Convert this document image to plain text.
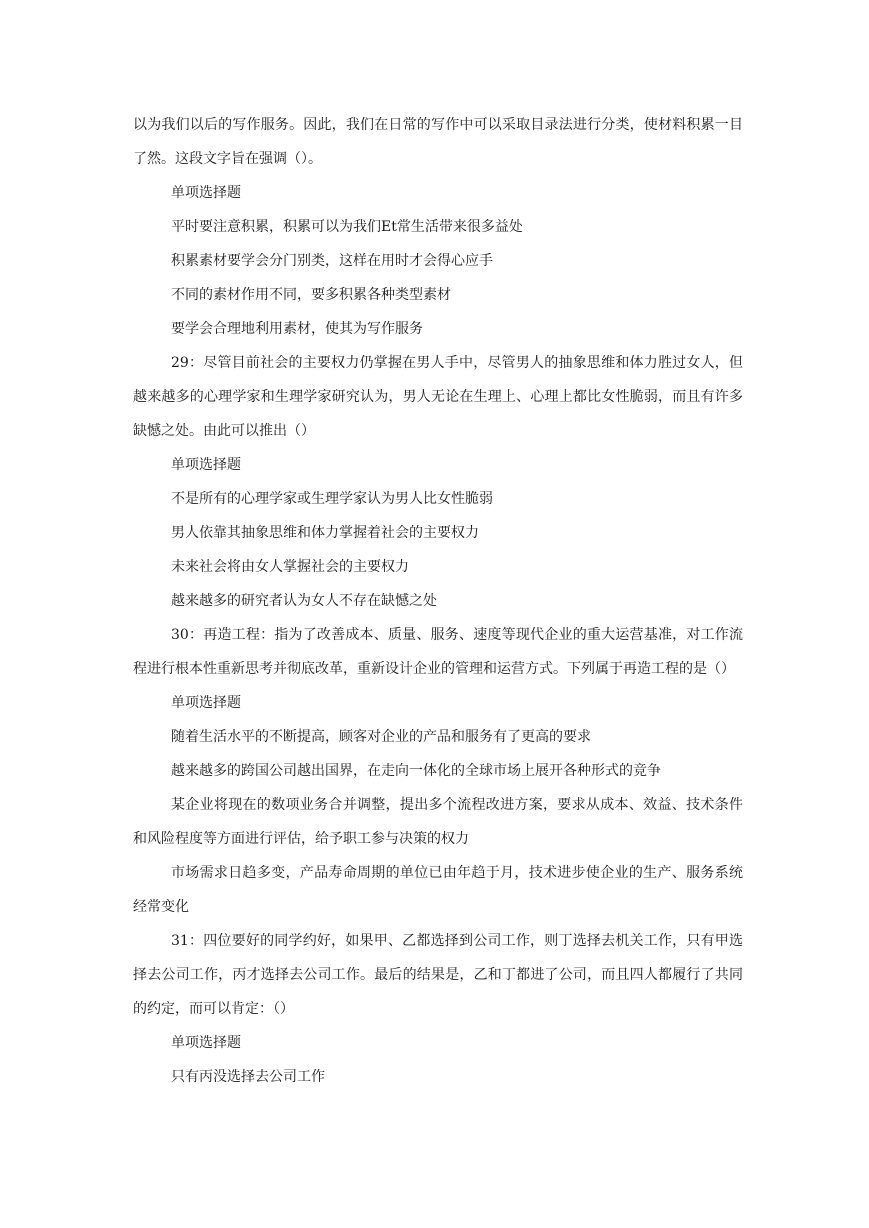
以为我们以后的写作服务。因此，我们在日常的写作中可以采取目录法进行分类，使材料积累一目了然。这段文字旨在强调（）。

单项选择题

平时要注意积累，积累可以为我们Et常生活带来很多益处

积累素材要学会分门别类，这样在用时才会得心应手

不同的素材作用不同，要多积累各种类型素材

要学会合理地利用素材，使其为写作服务

29：尽管目前社会的主要权力仍掌握在男人手中，尽管男人的抽象思维和体力胜过女人，但越来越多的心理学家和生理学家研究认为，男人无论在生理上、心理上都比女性脆弱，而且有许多缺憾之处。由此可以推出（）

单项选择题

不是所有的心理学家或生理学家认为男人比女性脆弱

男人依靠其抽象思维和体力掌握着社会的主要权力

未来社会将由女人掌握社会的主要权力

越来越多的研究者认为女人不存在缺憾之处

30：再造工程：指为了改善成本、质量、服务、速度等现代企业的重大运营基准，对工作流程进行根本性重新思考并彻底改革，重新设计企业的管理和运营方式。下列属于再造工程的是（）

单项选择题

随着生活水平的不断提高，顾客对企业的产品和服务有了更高的要求

越来越多的跨国公司越出国界，在走向一体化的全球市场上展开各种形式的竞争

某企业将现在的数项业务合并调整，提出多个流程改进方案，要求从成本、效益、技术条件和风险程度等方面进行评估，给予职工参与决策的权力

市场需求日趋多变，产品寿命周期的单位已由年趋于月，技术进步使企业的生产、服务系统经常变化

31：四位要好的同学约好，如果甲、乙都选择到公司工作，则丁选择去机关工作，只有甲选择去公司工作，丙才选择去公司工作。最后的结果是，乙和丁都进了公司，而且四人都履行了共同的约定，而可以肯定：（）

单项选择题

只有丙没选择去公司工作
